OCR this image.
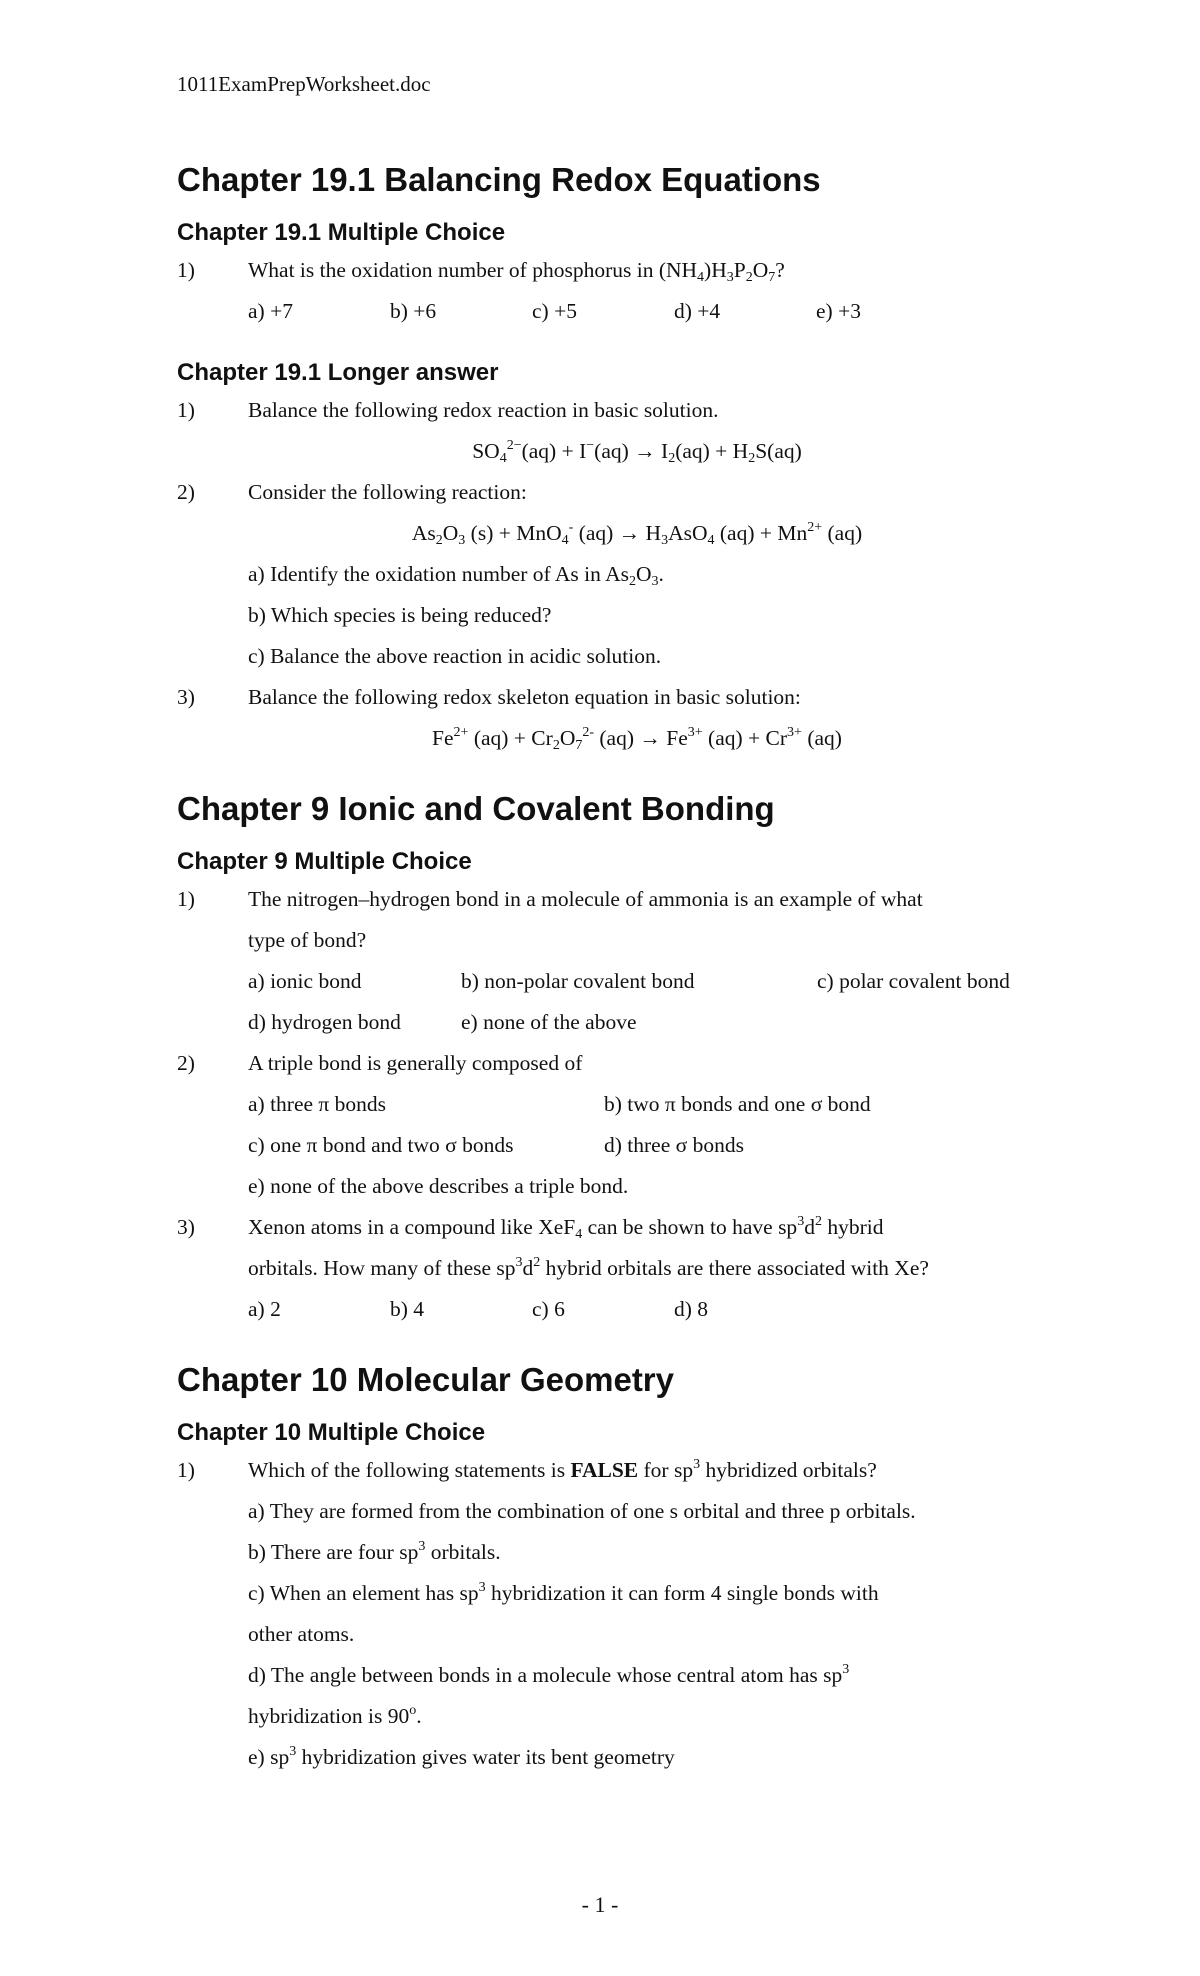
1011ExamPrepWorksheet.doc
Chapter 19.1 Balancing Redox Equations
Chapter 19.1 Multiple Choice
1)	What is the oxidation number of phosphorus in $(NH_4)H_3P_2O_7$?
a) +7	b) +6	c) +5	d) +4	e) +3
Chapter 19.1 Longer answer
1)	Balance the following redox reaction in basic solution.
$SO_4^{2-}(aq) + I^-(aq) \to I_2(aq) + H_2S(aq)$
2)	Consider the following reaction:
$As_2O_3$ (s) + MnO$_4$- $(aq) \to H_3AsO_4$ $(aq) + Mn^{2+}$ (aq)
a) Identify the oxidation number of As in $As_2O_3$.
b) Which species is being reduced?
c) Balance the above reaction in acidic solution.
3)	Balance the following redox skeleton equation in basic solution:
$Fe^{2+}$ $(aq) + Cr_2O_7^{2-}$ $(aq) \to Fe^{3+}$ $(aq) + Cr^{3+}$ (aq)
Chapter 9 Ionic and Covalent Bonding
Chapter 9 Multiple Choice
1)	The nitrogen–hydrogen bond in a molecule of ammonia is an example of what
type of bond?
a) ionic bond	b) non-polar covalent bond	c) polar covalent bond
d) hydrogen bond	e) none of the above
2)	A triple bond is generally composed of
a) three π bonds	b) two π bonds and one σ bond
c) one π bond and two σ bonds	d) three σ bonds
e) none of the above describes a triple bond.
3)	Xenon atoms in a compound like XeF$_4$ can be shown to have $sp^3d^2$ hybrid
orbitals. How many of these $sp^3d^2$ hybrid orbitals are there associated with Xe?
a) 2	b) 4	c) 6	d) 8
Chapter 10 Molecular Geometry
Chapter 10 Multiple Choice
1)	Which of the following statements is FALSE for $sp^3$ hybridized orbitals?
a) They are formed from the combination of one s orbital and three p orbitals.
b) There are four $sp^3$ orbitals.
c) When an element has $sp^3$ hybridization it can form 4 single bonds with
other atoms.
d) The angle between bonds in a molecule whose central atom has $sp^3$
hybridization is 90$^o$.
e) $sp^3$ hybridization gives water its bent geometry
- 1 -
